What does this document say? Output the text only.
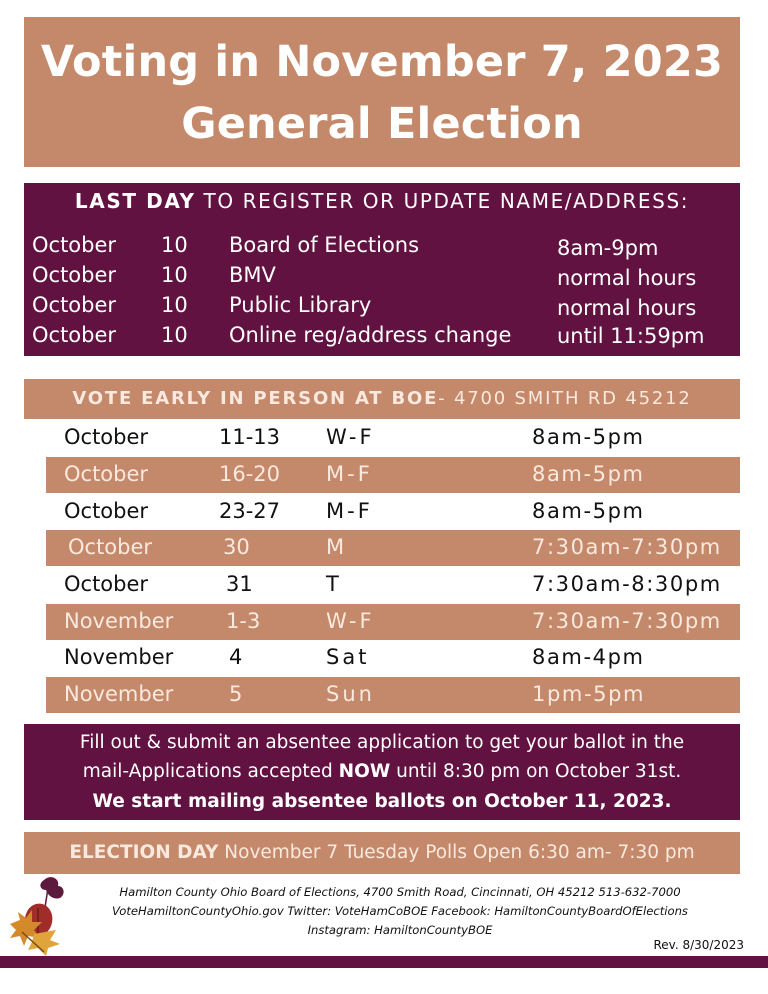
Voting in November 7, 2023
General Election
LAST DAY TO REGISTER OR UPDATE NAME/ADDRESS:
October 10 Board of Elections	8am-9pm
October 10 BMV	normal hours
October 10 Public Library	normal hours
October 10 Online reg/address change until 11:59pm
VOTE EARLY IN PERSON AT BOE- 4700 SMITH RD 45212
October	11-13 W-F	8am-5pm
October	16-20 M-F	8am-5pm
October	23-27 M-F	8am-5pm
October	30	M	7:30am-7:30pm
October	31	T	7:30am-8:30pm
November	1-3	W-F	7:30am-7:30pm
November	4	Sat	8am-4pm
November	5	Sun	1pm-5pm
Fill out & submit an absentee application to get your ballot in the
mail-Applications accepted NOW until 8:30 pm on October 31st.
We start mailing absentee ballots on October 11, 2023.
ELECTION DAY November 7 Tuesday Polls Open 6:30 am- 7:30 pm
Hamilton County Ohio Board of Elections, 4700 Smith Road, Cincinnati, OH 45212 513-632-7000
VoteHamiltonCountyOhio.gov Twitter: VoteHamCoBOE Facebook: HamiltonCountyBoardOfElections
Instagram: HamiltonCountyBOE
Rev. 8/30/2023
